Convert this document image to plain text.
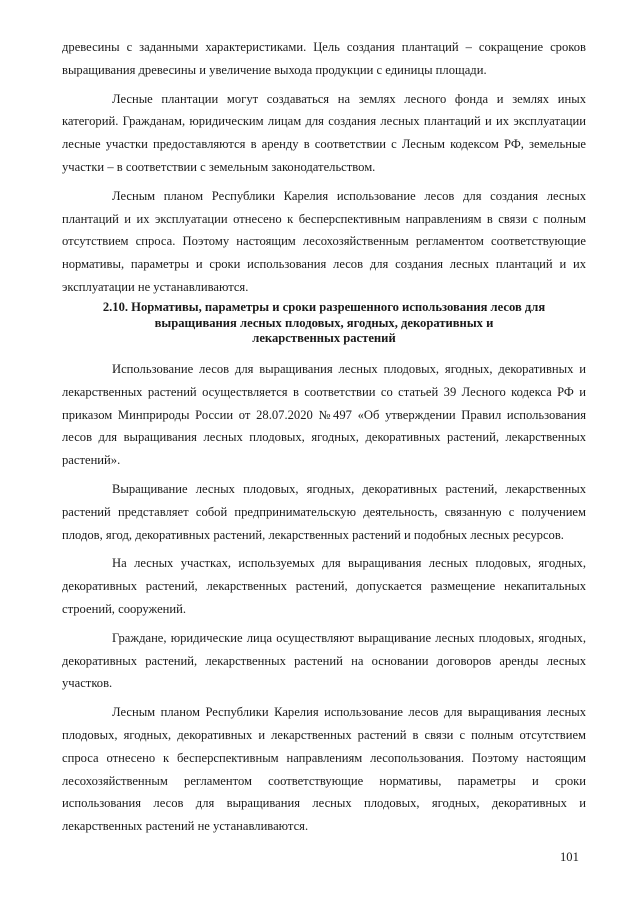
древесины с заданными характеристиками. Цель создания плантаций – сокращение сроков выращивания древесины и увеличение выхода продукции с единицы площади.

Лесные плантации могут создаваться на землях лесного фонда и землях иных категорий. Гражданам, юридическим лицам для создания лесных плантаций и их эксплуатации лесные участки предоставляются в аренду в соответствии с Лесным кодексом РФ, земельные участки – в соответствии с земельным законодательством.

Лесным планом Республики Карелия использование лесов для создания лесных плантаций и их эксплуатации отнесено к бесперспективным направлениям в связи с полным отсутствием спроса. Поэтому настоящим лесохозяйственным регламентом соответствующие нормативы, параметры и сроки использования лесов для создания лесных плантаций и их эксплуатации не устанавливаются.

2.10. Нормативы, параметры и сроки разрешенного использования лесов для
выращивания лесных плодовых, ягодных, декоративных и
лекарственных растений

Использование лесов для выращивания лесных плодовых, ягодных, декоративных и лекарственных растений осуществляется в соответствии со статьей 39 Лесного кодекса РФ и приказом Минприроды России от 28.07.2020 №497 «Об утверждении Правил использования лесов для выращивания лесных плодовых, ягодных, декоративных растений, лекарственных растений».

Выращивание лесных плодовых, ягодных, декоративных растений, лекарственных растений представляет собой предпринимательскую деятельность, связанную с получением плодов, ягод, декоративных растений, лекарственных растений и подобных лесных ресурсов.

На лесных участках, используемых для выращивания лесных плодовых, ягодных, декоративных растений, лекарственных растений, допускается размещение некапитальных строений, сооружений.

Граждане, юридические лица осуществляют выращивание лесных плодовых, ягодных, декоративных растений, лекарственных растений на основании договоров аренды лесных участков.

Лесным планом Республики Карелия использование лесов для выращивания лесных плодовых, ягодных, декоративных и лекарственных растений в связи с полным отсутствием спроса отнесено к бесперспективным направлениям лесопользования. Поэтому настоящим лесохозяйственным регламентом соответствующие нормативы, параметры и сроки использования лесов для выращивания лесных плодовых, ягодных, декоративных и лекарственных растений не устанавливаются.

101
